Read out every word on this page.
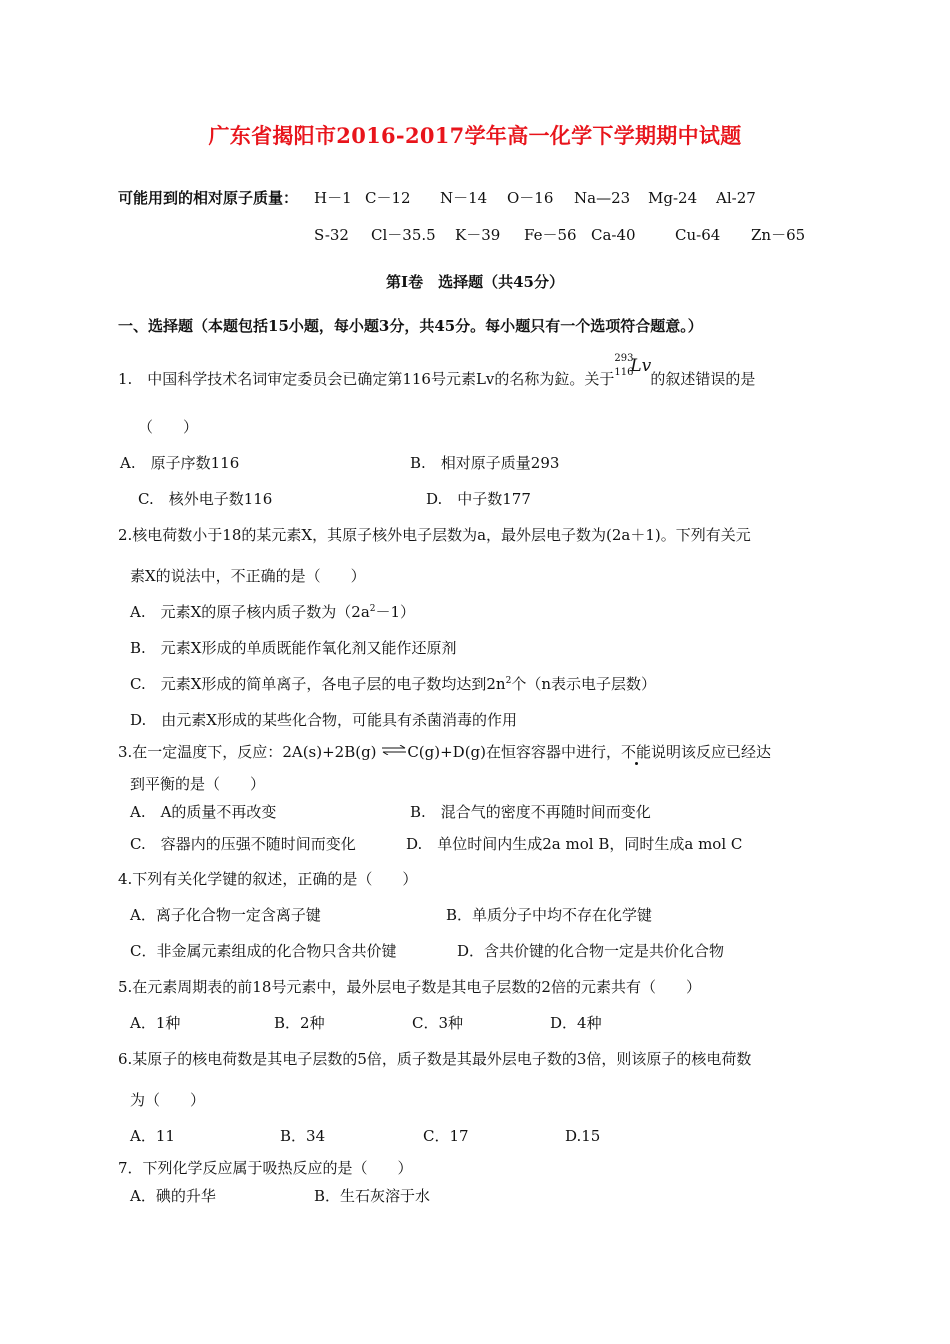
广东省揭阳市2016-2017学年高一化学下学期期中试题
可能用到的相对原子质量： H－1 C－12 N－14 O－16 Na—23 Mg-24 Al-27
S-32 Cl－35.5 K－39 Fe－56 Ca-40	Cu-64 Zn－65
第Ⅰ卷　选择题（共45分）
一、选择题（本题包括15小题，每小题3分，共45分。每小题只有一个选项符合题意。）
1.　中国科学技术名词审定委员会已确定第116号元素Lv的名称为鉝。关于
293
116
Lv
的叙述错误的是
（　　）
A.　原子序数116	B.　相对原子质量293
C.　核外电子数116	D.　中子数177
2.核电荷数小于18的某元素X，其原子核外电子层数为a，最外层电子数为(2a＋1)。下列有关元
素X的说法中，不正确的是（　　）
A.　元素X的原子核内质子数为$(2a^2-1)$
B.　元素X形成的单质既能作氧化剂又能作还原剂
C.　元素X形成的简单离子，各电子层的电子数均达到$2n^2$个（n表示电子层数）
D.　由元素X形成的某些化合物，可能具有杀菌消毒的作用
3.在一定温度下，反应：2A(s)+2B(g) ⇌C(g)+D(g)在恒容容器中进行，不能说明该反应已经达
到平衡的是（　　）
A.　A的质量不再改变	B.　混合气的密度不再随时间而变化
C.　容器内的压强不随时间而变化	D.　单位时间内生成2a mol B，同时生成a mol C
4.下列有关化学键的叙述，正确的是（　　）
A．离子化合物一定含离子键	B．单质分子中均不存在化学键
C．非金属元素组成的化合物只含共价键	D．含共价键的化合物一定是共价化合物
5.在元素周期表的前18号元素中，最外层电子数是其电子层数的2倍的元素共有（　　）
A．1种	B．2种	C．3种	D．4种
6.某原子的核电荷数是其电子层数的5倍，质子数是其最外层电子数的3倍，则该原子的核电荷数
为（　　）
A．11	B．34	C．17	D.15
7．下列化学反应属于吸热反应的是（　　）
A．碘的升华	B．生石灰溶于水
